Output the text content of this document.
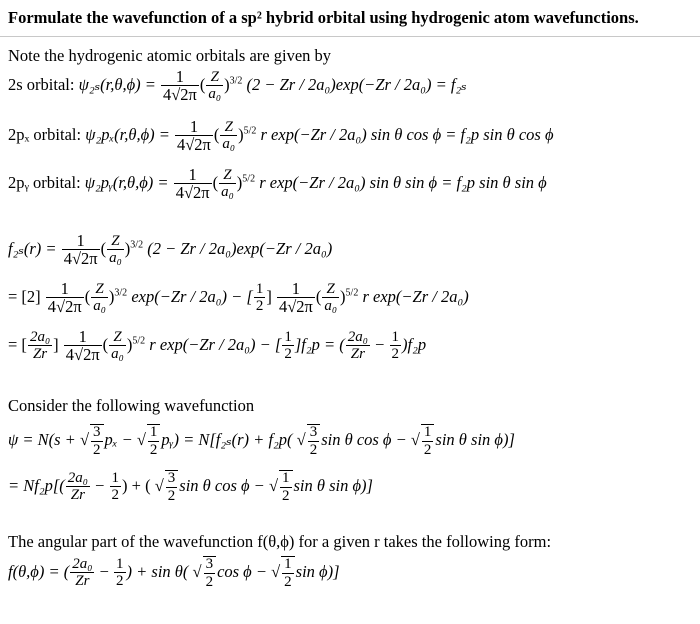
Formulate the wavefunction of a sp² hybrid orbital using hydrogenic atom wavefunctions.
Note the hydrogenic atomic orbitals are given by
2s orbital: $\psi_{2s}(r,\theta,\phi) = \frac{1}{4√2\pi}$ ( $\frac{Z}{\text{a₀}} )^{3/2}$ (2 − Zr / 2a₀)exp(−Zr / 2a₀) = f₂ₛ
2pₓ orbital: $\psi_2p_x(r,\theta,\phi) = \frac{1}{4√2\pi}$ ( $\frac{Z}{\text{a₀}} )^{5/2}$ r exp(−Zr / 2a₀) sin θ cos ϕ = f₂p sin θ cos ϕ
2pᵧ orbital: ψ₂pᵧ(r,θ,ϕ) = $\frac{1}{4√2\pi}$ ( $\frac{Z}{\text{a₀}} )^{5/2}$ r exp(−Zr / 2a₀) sin θ sin ϕ = f₂p sin θ sin ϕ
$f_{2s}(r) = \frac{1}{4√2\pi}$ ( $\frac{Z}{\text{a₀}} )^{3/2}$ (2 − Zr / 2a₀)exp(−Zr / 2a₀)
= $[2] \frac{1}{4√2\pi}$ ( $\frac{Z}{\text{a₀}} )^{3/2}$ exp(−Zr / 2a₀) − [ $\frac{1}{2}$ ] $\frac{1}{4√2\pi}$ ( $\frac{Z}{\text{a₀}} )^{5/2}$ r exp(−Zr / 2a₀)
= [ $\frac{\text{2a₀}}{Zr}$ ] $\frac{1}{4√2\pi}$ ( $\frac{Z}{\text{a₀}} )^{5/2}$ r exp(−Zr / 2a₀) − [ $\frac{1}{2} ]f_2p$ = ( $\frac{\text{2a₀}}{Zr} - \frac{1}{2} )f_2p$
Consider the following wavefunction
ψ = N(s + √ $\frac{3}{2}$ pₓ − √ $\frac{1}{2}$ pᵧ) = N[f₂ₛ(r) + f₂p( √ $\frac{3}{2}$ sin θ cos ϕ − √ $\frac{1}{2}$ sin θ sin ϕ)]
= $Nf_2p[( \frac{\text{2a₀}}{Zr} - \frac{1}{2}$ ) + ( √ $\frac{3}{2}$ sin θ cos ϕ − √ $\frac{1}{2}$ sin θ sin ϕ)]
The angular part of the wavefunction f(θ,ϕ) for a given r takes the following form:
f(θ,ϕ) = ( $\frac{\text{2a₀}}{Zr} - \frac{1}{2}$ ) + sin θ( √ $\frac{3}{2}$ cos ϕ − √ $\frac{1}{2}$ sin ϕ)]
